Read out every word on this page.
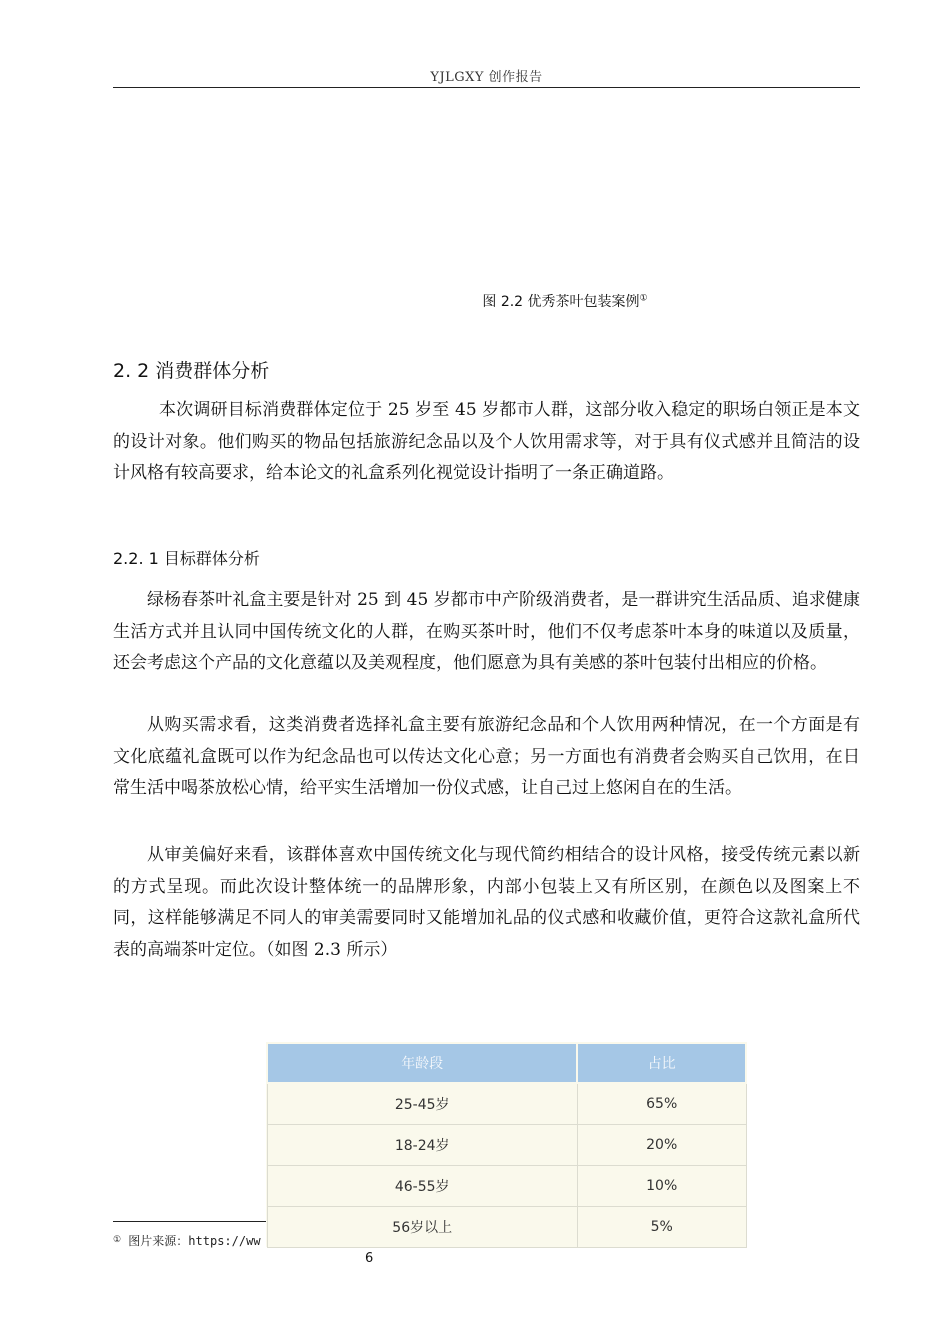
YJLGXY 创作报告
图 2.2 优秀茶叶包装案例①
2. 2 消费群体分析

本次调研目标消费群体定位于 25 岁至 45 岁都市人群，这部分收入稳定的职场白领正是本文的设计对象。他们购买的物品包括旅游纪念品以及个人饮用需求等，对于具有仪式感并且简洁的设计风格有较高要求，给本论文的礼盒系列化视觉设计指明了一条正确道路。

2.2. 1 目标群体分析

绿杨春茶叶礼盒主要是针对 25 到 45 岁都市中产阶级消费者，是一群讲究生活品质、追求健康生活方式并且认同中国传统文化的人群，在购买茶叶时，他们不仅考虑茶叶本身的味道以及质量，还会考虑这个产品的文化意蕴以及美观程度，他们愿意为具有美感的茶叶包装付出相应的价格。

从购买需求看，这类消费者选择礼盒主要有旅游纪念品和个人饮用两种情况，在一个方面是有文化底蕴礼盒既可以作为纪念品也可以传达文化心意；另一方面也有消费者会购买自己饮用，在日常生活中喝茶放松心情，给平实生活增加一份仪式感，让自己过上悠闲自在的生活。

从审美偏好来看，该群体喜欢中国传统文化与现代简约相结合的设计风格，接受传统元素以新的方式呈现。而此次设计整体统一的品牌形象，内部小包装上又有所区别，在颜色以及图案上不同，这样能够满足不同人的审美需要同时又能增加礼品的仪式感和收藏价值，更符合这款礼盒所代表的高端茶叶定位。（如图 2.3 所示）

年龄段	占比
25-45岁	65%
18-24岁	20%
46-55岁	10%
56岁以上	5%
① 图片来源：https://ww
6
